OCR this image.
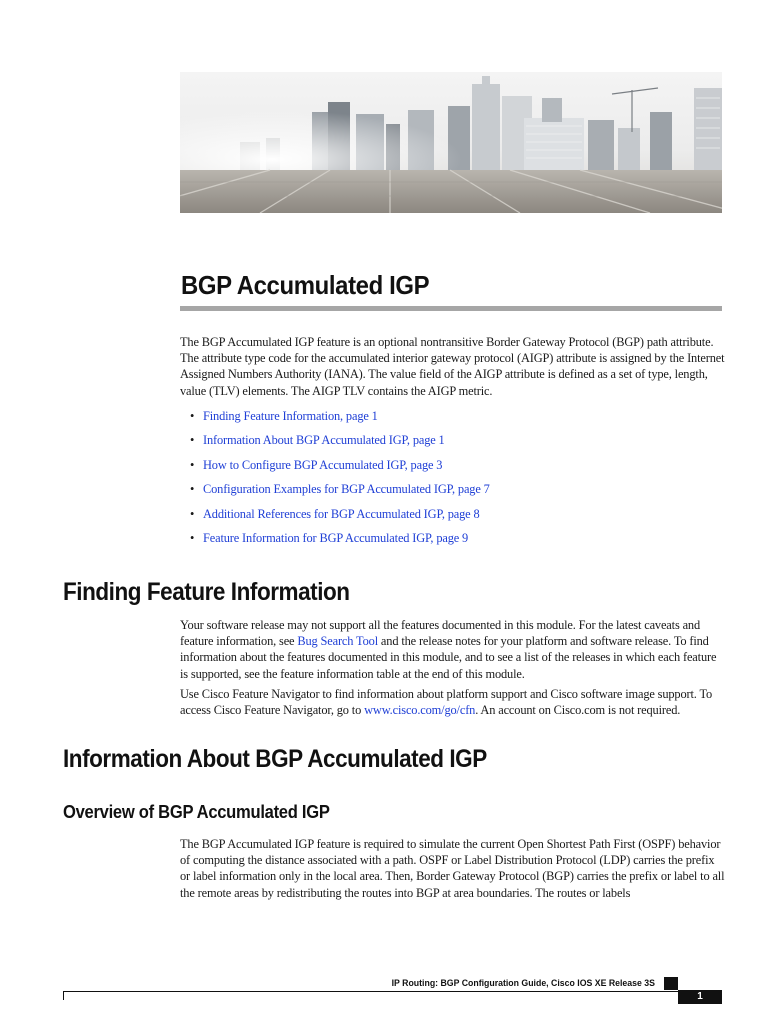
BGP Accumulated IGP

The BGP Accumulated IGP feature is an optional nontransitive Border Gateway Protocol (BGP) path attribute. The attribute type code for the accumulated interior gateway protocol (AIGP) attribute is assigned by the Internet Assigned Numbers Authority (IANA). The value field of the AIGP attribute is defined as a set of type, length, value (TLV) elements. The AIGP TLV contains the AIGP metric.

• Finding Feature Information, page 1
• Information About BGP Accumulated IGP, page 1
• How to Configure BGP Accumulated IGP, page 3
• Configuration Examples for BGP Accumulated IGP, page 7
• Additional References for BGP Accumulated IGP, page 8
• Feature Information for BGP Accumulated IGP, page 9
Finding Feature Information

Your software release may not support all the features documented in this module. For the latest caveats and feature information, see Bug Search Tool and the release notes for your platform and software release. To find information about the features documented in this module, and to see a list of the releases in which each feature is supported, see the feature information table at the end of this module.

Use Cisco Feature Navigator to find information about platform support and Cisco software image support. To access Cisco Feature Navigator, go to www.cisco.com/go/cfn. An account on Cisco.com is not required.

Information About BGP Accumulated IGP
Overview of BGP Accumulated IGP

The BGP Accumulated IGP feature is required to simulate the current Open Shortest Path First (OSPF) behavior of computing the distance associated with a path. OSPF or Label Distribution Protocol (LDP) carries the prefix or label information only in the local area. Then, Border Gateway Protocol (BGP) carries the prefix or label to all the remote areas by redistributing the routes into BGP at area boundaries. The routes or labels

IP Routing: BGP Configuration Guide, Cisco IOS XE Release 3S
1
